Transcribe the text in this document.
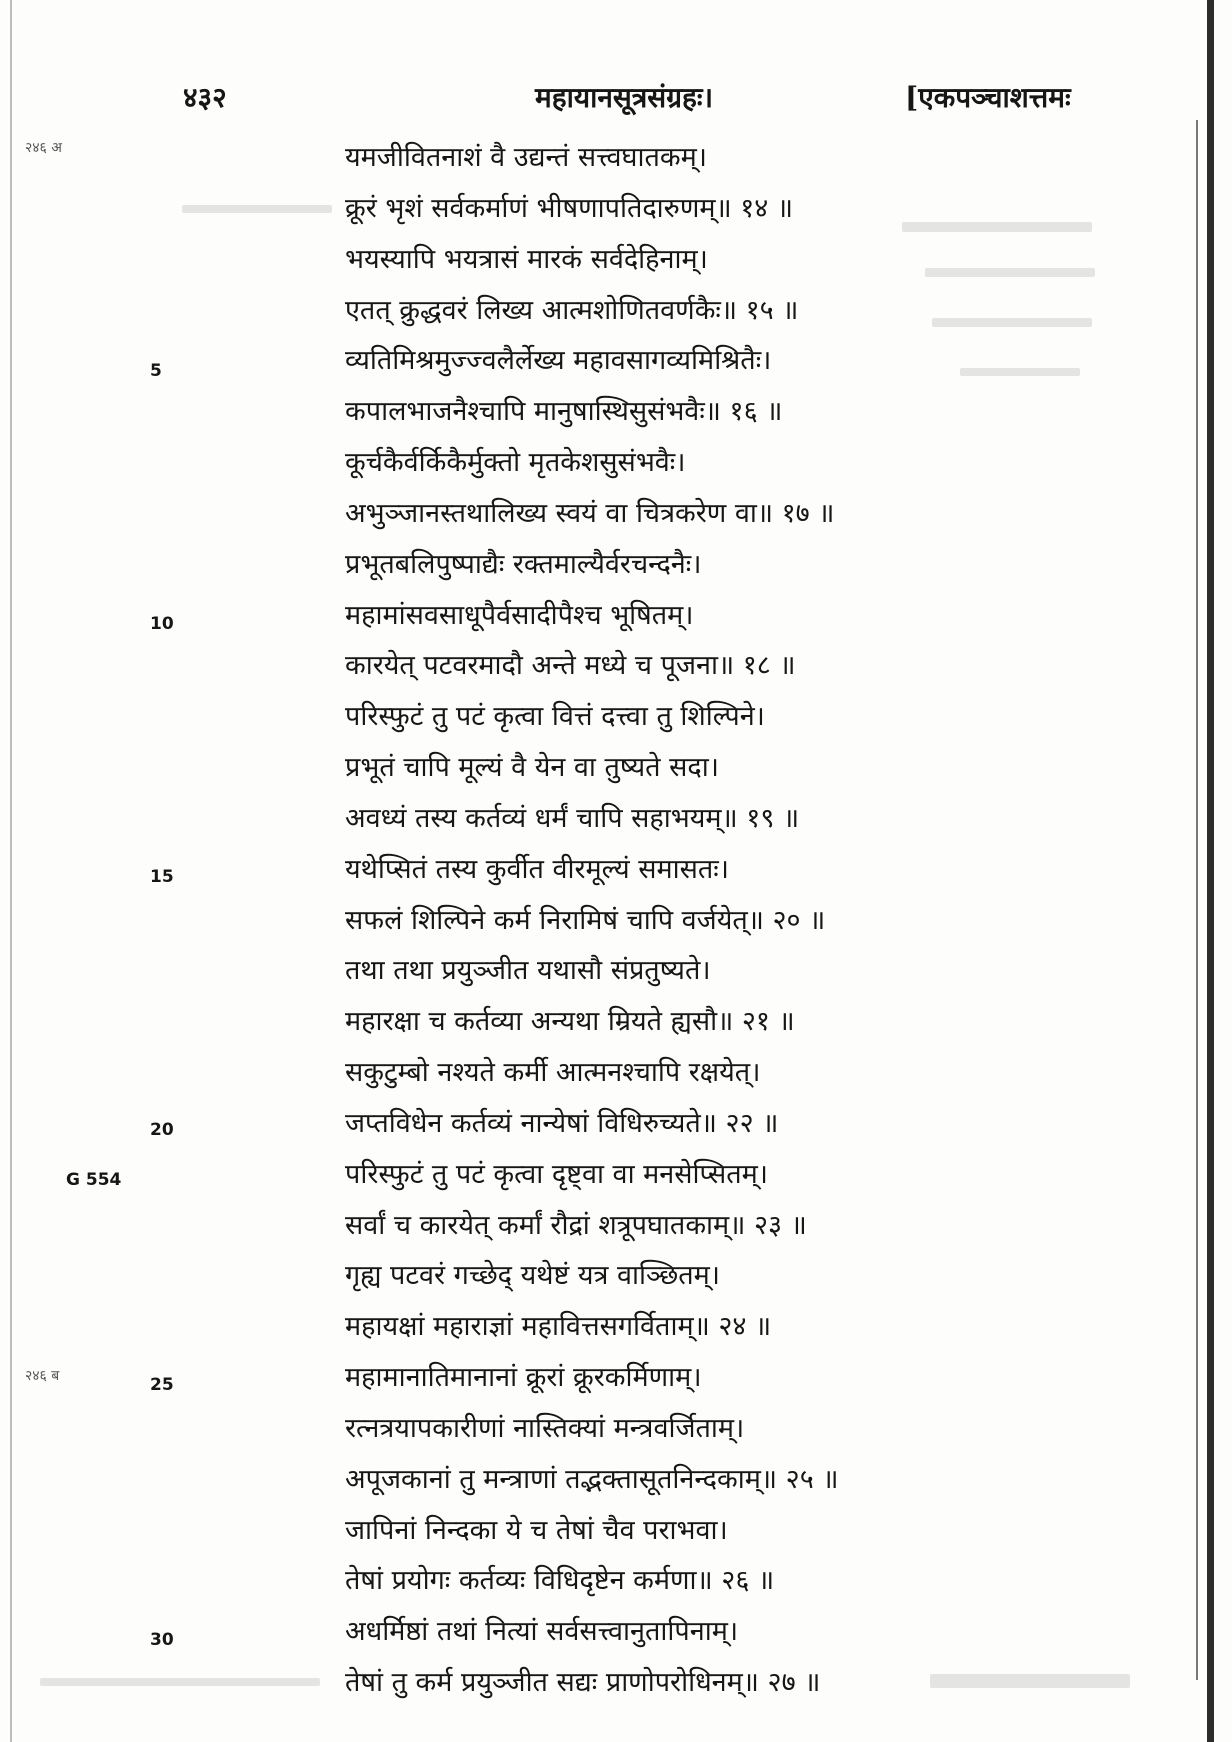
४३२	महायानसूत्रसंग्रहः।	[एकपञ्चाशत्तमः
२४६ अ
२४६ ब
यमजीवितनाशं वै उद्यन्तं सत्त्वघातकम्।
क्रूरं भृशं सर्वकर्माणं भीषणापतिदारुणम्॥ १४ ॥
भयस्यापि भयत्रासं मारकं सर्वदेहिनाम्।
एतत् क्रुद्धवरं लिख्य आत्मशोणितवर्णकैः॥ १५ ॥
व्यतिमिश्रमुज्ज्वलैर्लेख्य महावसागव्यमिश्रितैः।
कपालभाजनैश्चापि मानुषास्थिसुसंभवैः॥ १६ ॥
कूर्चकैर्वर्किकैर्मुक्तो मृतकेशसुसंभवैः।
अभुञ्जानस्तथालिख्य स्वयं वा चित्रकरेण वा॥ १७ ॥
प्रभूतबलिपुष्पाद्यैः रक्तमाल्यैर्वरचन्दनैः।
महामांसवसाधूपैर्वसादीपैश्च भूषितम्।
कारयेत् पटवरमादौ अन्ते मध्ये च पूजना॥ १८ ॥
परिस्फुटं तु पटं कृत्वा वित्तं दत्त्वा तु शिल्पिने।
प्रभूतं चापि मूल्यं वै येन वा तुष्यते सदा।
अवध्यं तस्य कर्तव्यं धर्मं चापि सहाभयम्॥ १९ ॥
यथेप्सितं तस्य कुर्वीत वीरमूल्यं समासतः।
सफलं शिल्पिने कर्म निरामिषं चापि वर्जयेत्॥ २० ॥
तथा तथा प्रयुञ्जीत यथासौ संप्रतुष्यते।
महारक्षा च कर्तव्या अन्यथा म्रियते ह्यसौ॥ २१ ॥
सकुटुम्बो नश्यते कर्मी आत्मनश्चापि रक्षयेत्।
जप्तविधेन कर्तव्यं नान्येषां विधिरुच्यते॥ २२ ॥
परिस्फुटं तु पटं कृत्वा दृष्ट्वा वा मनसेप्सितम्।
सर्वां च कारयेत् कर्मां रौद्रां शत्रूपघातकाम्॥ २३ ॥
गृह्य पटवरं गच्छेद् यथेष्टं यत्र वाञ्छितम्।
महायक्षां महाराज्ञां महावित्तसगर्विताम्॥ २४ ॥
महामानातिमानानां क्रूरां क्रूरकर्मिणाम्।
रत्नत्रयापकारीणां नास्तिक्यां मन्त्रवर्जिताम्।
अपूजकानां तु मन्त्राणां तद्भक्तासूतनिन्दकाम्॥ २५ ॥
जापिनां निन्दका ये च तेषां चैव पराभवा।
तेषां प्रयोगः कर्तव्यः विधिदृष्टेन कर्मणा॥ २६ ॥
अधर्मिष्ठां तथां नित्यां सर्वसत्त्वानुतापिनाम्।
तेषां तु कर्म प्रयुञ्जीत सद्यः प्राणोपरोधिनम्॥ २७ ॥
5
10
15
20
25
30
G 554
